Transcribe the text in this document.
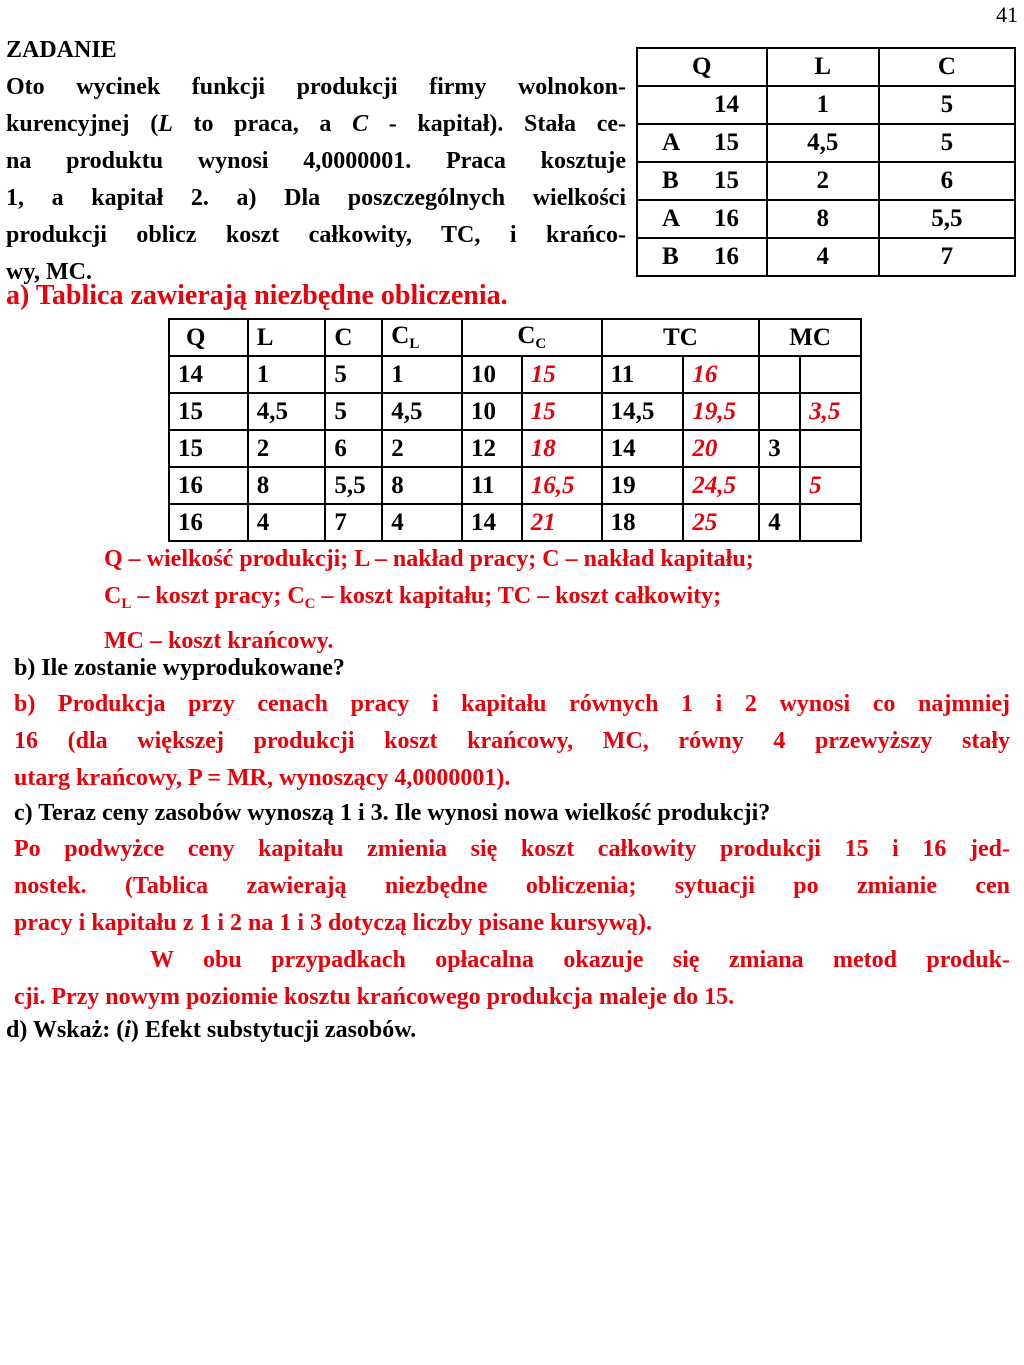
41
ZADANIE
Oto wycinek funkcji produkcji firmy wolnokon-
kurencyjnej (L to praca, a C - kapitał). Stała ce-
na produktu wynosi 4,0000001. Praca kosztuje
1, a kapitał 2. a) Dla poszczególnych wielkości
produkcji oblicz koszt całkowity, TC, i krańco-
wy, MC.
Q	L	C
14	1	5
A 15	4,5	5
B 15	2	6
A 16	8	5,5
B 16	4	7
a) Tablica zawierają niezbędne obliczenia.
Q	L	C	$C_L$	$C_C$		TC		MC	
14	1	5	1	10	15	11	16		
15	4,5	5	4,5	10	15	14,5	19,5		3,5
15	2	6	2	12	18	14	20	3	
16	8	5,5	8	11	16,5	19	24,5		5
16	4	7	4	14	21	18	25	4	
Q – wielkość produkcji; L – nakład pracy; C – nakład kapitału;
$C_L$ – koszt pracy; $C_C$ – koszt kapitału; TC – koszt całkowity;
MC – koszt krańcowy.
b) Ile zostanie wyprodukowane?
b) Produkcja przy cenach pracy i kapitału równych 1 i 2 wynosi co najmniej
16 (dla większej produkcji koszt krańcowy, MC, równy 4 przewyższy stały
utarg krańcowy, P = MR, wynoszący 4,0000001).
c) Teraz ceny zasobów wynoszą 1 i 3. Ile wynosi nowa wielkość produkcji?
Po podwyżce ceny kapitału zmienia się koszt całkowity produkcji 15 i 16 jed-
nostek. (Tablica zawierają niezbędne obliczenia; sytuacji po zmianie cen
pracy i kapitału z 1 i 2 na 1 i 3 dotyczą liczby pisane kursywą).
W obu przypadkach opłacalna okazuje się zmiana metod produk-
cji. Przy nowym poziomie kosztu krańcowego produkcja maleje do 15.
d) Wskaż: (i) Efekt substytucji zasobów.
